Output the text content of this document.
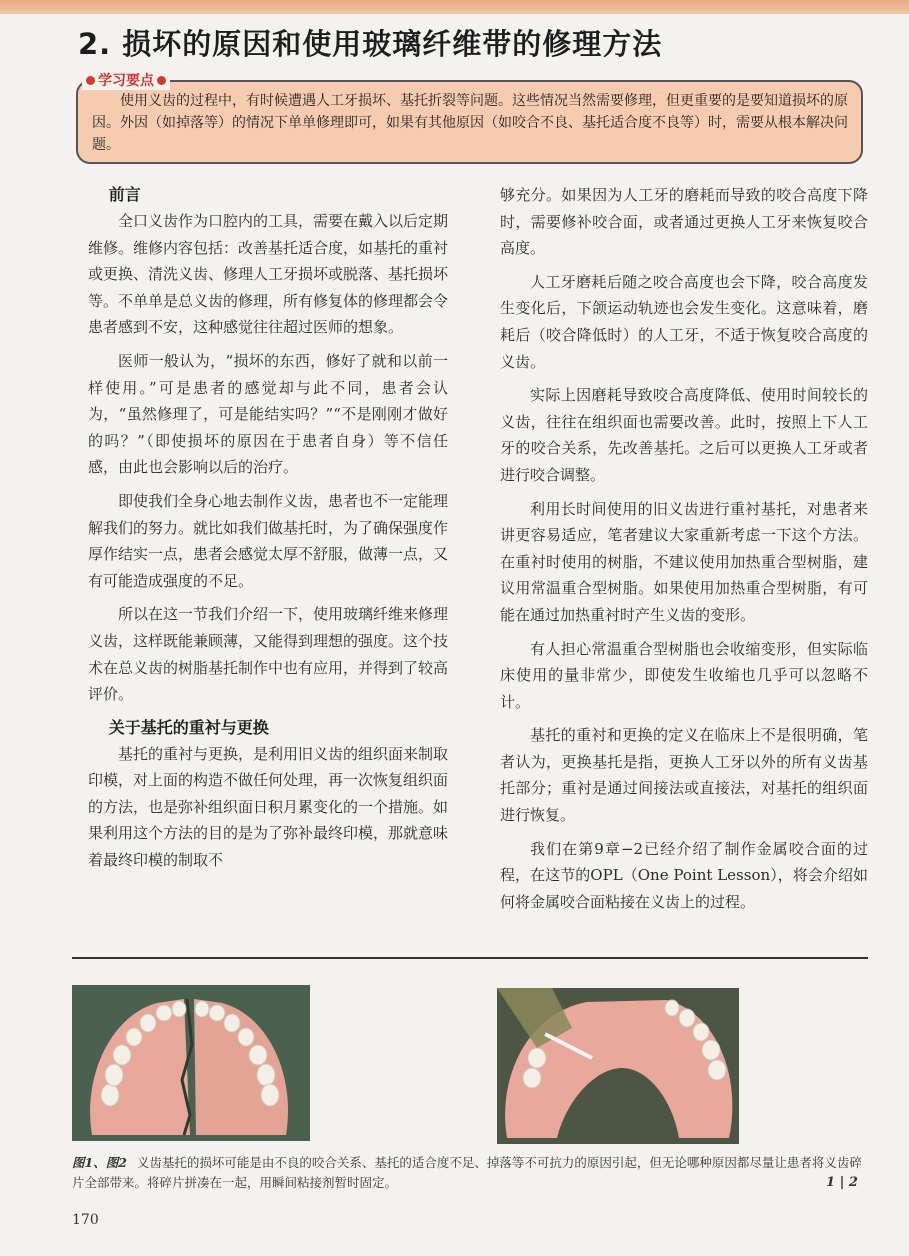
2. 损坏的原因和使用玻璃纤维带的修理方法
学习要点
使用义齿的过程中，有时候遭遇人工牙损坏、基托折裂等问题。这些情况当然需要修理，但更重要的是要知道损坏的原因。外因（如掉落等）的情况下单单修理即可，如果有其他原因（如咬合不良、基托适合度不良等）时，需要从根本解决问题。
前言

全口义齿作为口腔内的工具，需要在戴入以后定期维修。维修内容包括：改善基托适合度，如基托的重衬或更换、清洗义齿、修理人工牙损坏或脱落、基托损坏等。不单单是总义齿的修理，所有修复体的修理都会令患者感到不安，这种感觉往往超过医师的想象。

医师一般认为，“损坏的东西，修好了就和以前一样使用。”可是患者的感觉却与此不同，患者会认为，“虽然修理了，可是能结实吗？”“不是刚刚才做好的吗？”（即使损坏的原因在于患者自身）等不信任感，由此也会影响以后的治疗。

即使我们全身心地去制作义齿，患者也不一定能理解我们的努力。就比如我们做基托时，为了确保强度作厚作结实一点，患者会感觉太厚不舒服，做薄一点，又有可能造成强度的不足。

所以在这一节我们介绍一下，使用玻璃纤维来修理义齿，这样既能兼顾薄，又能得到理想的强度。这个技术在总义齿的树脂基托制作中也有应用，并得到了较高评价。

关于基托的重衬与更换

基托的重衬与更换，是利用旧义齿的组织面来制取印模，对上面的构造不做任何处理，再一次恢复组织面的方法，也是弥补组织面日积月累变化的一个措施。如果利用这个方法的目的是为了弥补最终印模，那就意味着最终印模的制取不

够充分。如果因为人工牙的磨耗而导致的咬合高度下降时，需要修补咬合面，或者通过更换人工牙来恢复咬合高度。

人工牙磨耗后随之咬合高度也会下降，咬合高度发生变化后，下颌运动轨迹也会发生变化。这意味着，磨耗后（咬合降低时）的人工牙，不适于恢复咬合高度的义齿。

实际上因磨耗导致咬合高度降低、使用时间较长的义齿，往往在组织面也需要改善。此时，按照上下人工牙的咬合关系，先改善基托。之后可以更换人工牙或者进行咬合调整。

利用长时间使用的旧义齿进行重衬基托，对患者来讲更容易适应，笔者建议大家重新考虑一下这个方法。在重衬时使用的树脂，不建议使用加热重合型树脂，建议用常温重合型树脂。如果使用加热重合型树脂，有可能在通过加热重衬时产生义齿的变形。

有人担心常温重合型树脂也会收缩变形，但实际临床使用的量非常少，即使发生收缩也几乎可以忽略不计。

基托的重衬和更换的定义在临床上不是很明确，笔者认为，更换基托是指，更换人工牙以外的所有义齿基托部分；重衬是通过间接法或直接法，对基托的组织面进行恢复。

我们在第9章−2已经介绍了制作金属咬合面的过程，在这节的OPL（One Point Lesson），将会介绍如何将金属咬合面粘接在义齿上的过程。

图1、图2 义齿基托的损坏可能是由不良的咬合关系、基托的适合度不足、掉落等不可抗力的原因引起，但无论哪种原因都尽量让患者将义齿碎片全部带来。将碎片拼凑在一起，用瞬间粘接剂暂时固定。	1 | 2
170
